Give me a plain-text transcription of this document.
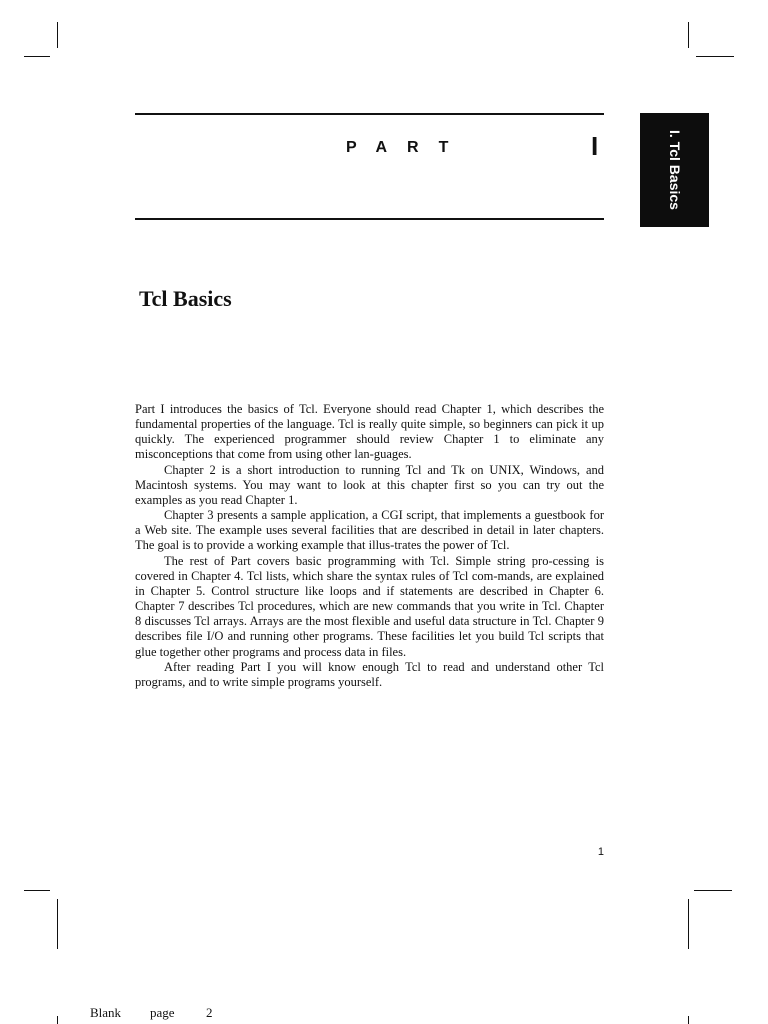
PART	I	I. Tcl Basics
Tcl Basics

Part I introduces the basics of Tcl. Everyone should read Chapter 1, which describes the fundamental properties of the language. Tcl is really quite simple, so beginners can pick it up quickly. The experienced programmer should review Chapter 1 to eliminate any misconceptions that come from using other lan-guages.

Chapter 2 is a short introduction to running Tcl and Tk on UNIX, Windows, and Macintosh systems. You may want to look at this chapter first so you can try out the examples as you read Chapter 1.

Chapter 3 presents a sample application, a CGI script, that implements a guestbook for a Web site. The example uses several facilities that are described in detail in later chapters. The goal is to provide a working example that illus-trates the power of Tcl.

The rest of Part covers basic programming with Tcl. Simple string pro-cessing is covered in Chapter 4. Tcl lists, which share the syntax rules of Tcl com-mands, are explained in Chapter 5. Control structure like loops and if statements are described in Chapter 6. Chapter 7 describes Tcl procedures, which are new commands that you write in Tcl. Chapter 8 discusses Tcl arrays. Arrays are the most flexible and useful data structure in Tcl. Chapter 9 describes file I/O and running other programs. These facilities let you build Tcl scripts that glue together other programs and process data in files.

After reading Part I you will know enough Tcl to read and understand other Tcl programs, and to write simple programs yourself.

1
Blank page 2
